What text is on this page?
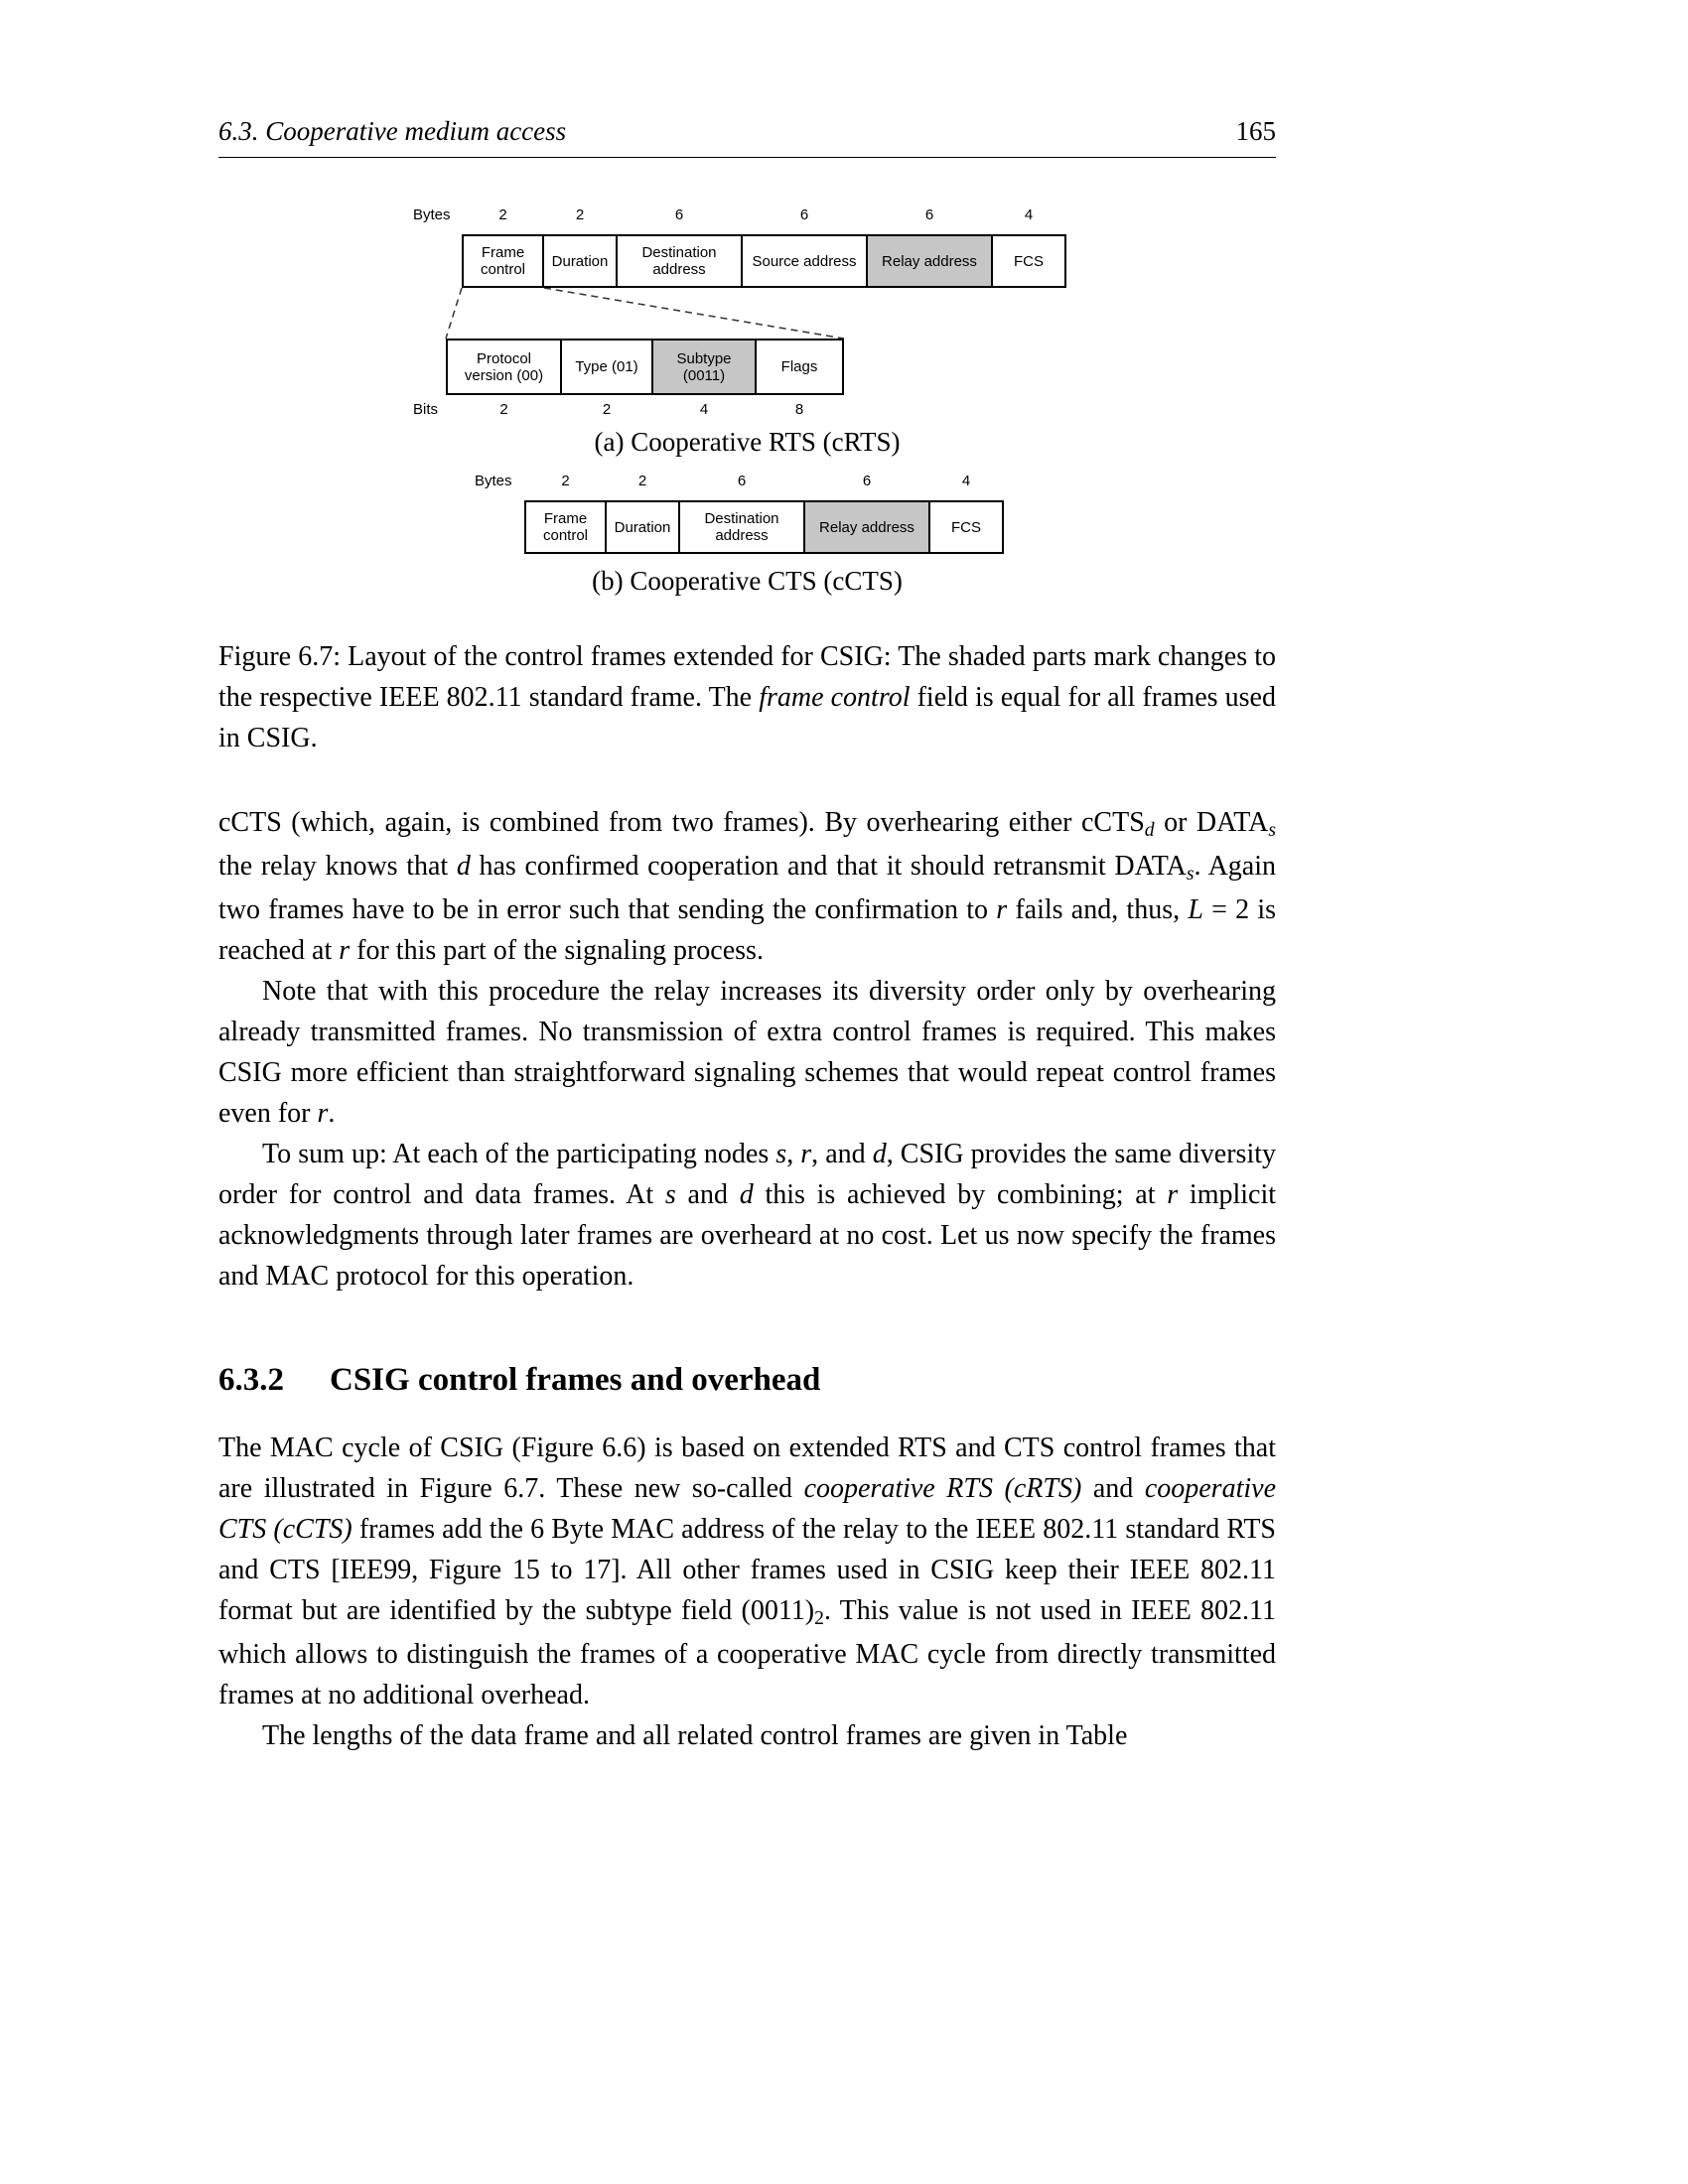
6.3. Cooperative medium access	165
(a) Cooperative RTS (cRTS)
(b) Cooperative CTS (cCTS)
Frame control
2
Duration
2
Destination address
6
Source address
6
Relay address
6
FCS
4
Bytes
Protocol version (00)
2
Type (01)
2
Subtype (0011)
4
Flags
8
Bits
Frame control
2
Duration
2
Destination address
6
Relay address
6
FCS
4
Bytes

Figure 6.7: Layout of the control frames extended for CSIG: The shaded parts mark changes to the respective IEEE 802.11 standard frame. The frame control field is equal for all frames used in CSIG.

cCTS (which, again, is combined from two frames). By overhearing either cCTSd or DATAs the relay knows that d has confirmed cooperation and that it should retransmit DATAs. Again two frames have to be in error such that sending the confirmation to r fails and, thus, L = 2 is reached at r for this part of the signaling process.

Note that with this procedure the relay increases its diversity order only by overhearing already transmitted frames. No transmission of extra control frames is required. This makes CSIG more efficient than straightforward signaling schemes that would repeat control frames even for r.

To sum up: At each of the participating nodes s, r, and d, CSIG provides the same diversity order for control and data frames. At s and d this is achieved by combining; at r implicit acknowledgments through later frames are overheard at no cost. Let us now specify the frames and MAC protocol for this operation.

6.3.2 CSIG control frames and overhead

The MAC cycle of CSIG (Figure 6.6) is based on extended RTS and CTS control frames that are illustrated in Figure 6.7. These new so-called cooperative RTS (cRTS) and cooperative CTS (cCTS) frames add the 6 Byte MAC address of the relay to the IEEE 802.11 standard RTS and CTS [IEE99, Figure 15 to 17]. All other frames used in CSIG keep their IEEE 802.11 format but are identified by the subtype field (0011)2. This value is not used in IEEE 802.11 which allows to distinguish the frames of a cooperative MAC cycle from directly transmitted frames at no additional overhead.

The lengths of the data frame and all related control frames are given in Table
